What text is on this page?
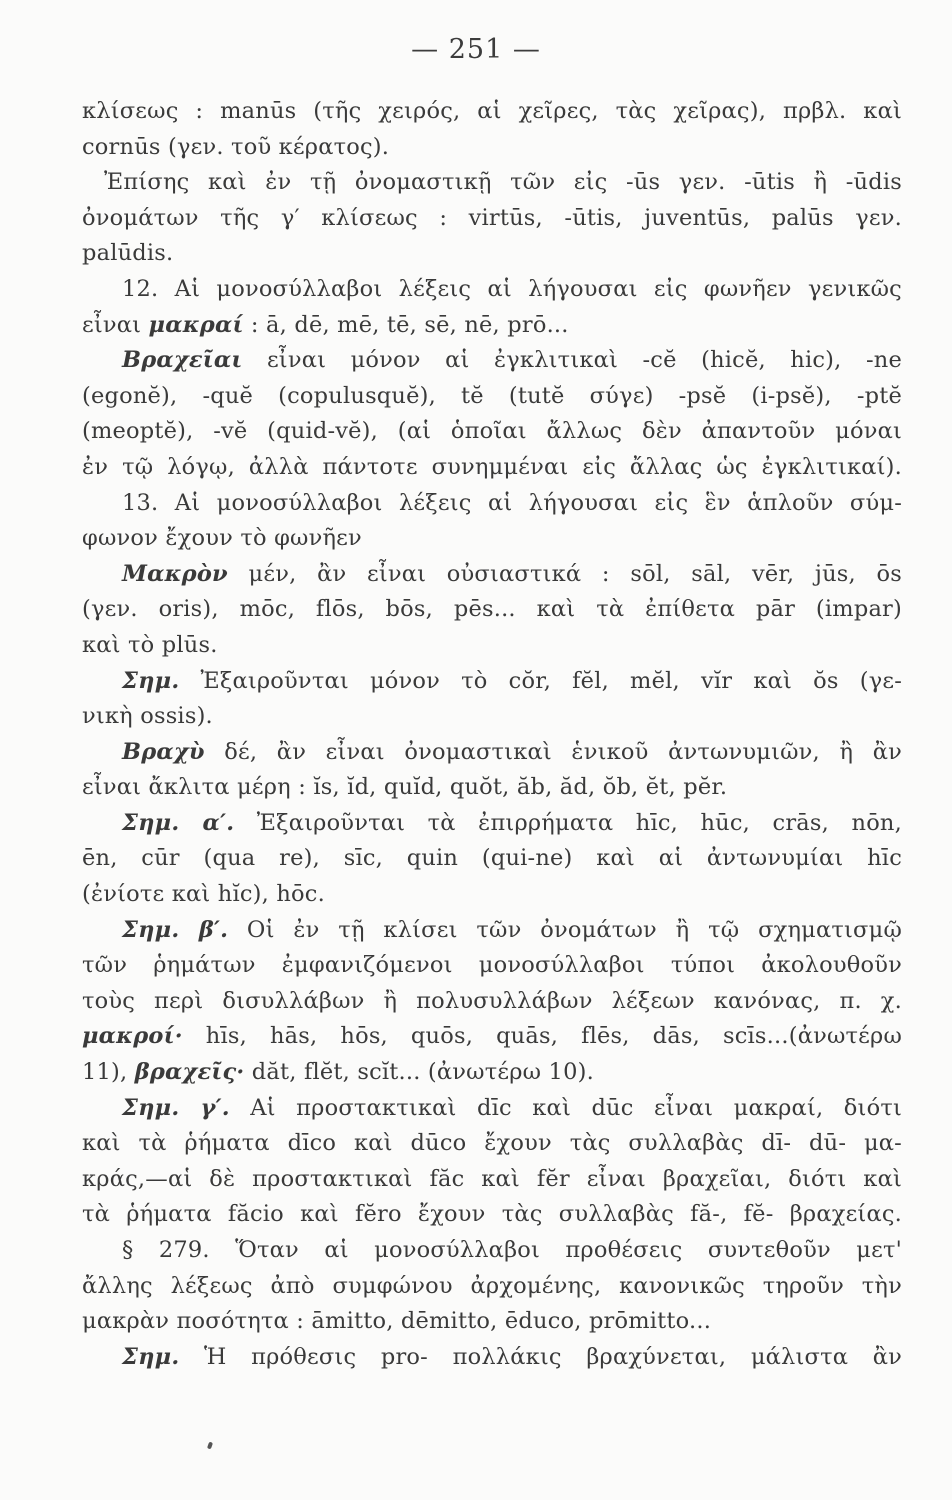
— 251 —
κλίσεως : manūs (τῆς χειρός, αἱ χεῖρες, τὰς χεῖρας), πρβλ. καὶ
cornūs (γεν. τοῦ κέρατος).
Ἐπίσης καὶ ἐν τῇ ὀνομαστικῇ τῶν εἰς -ūs γεν. -ūtis ἢ -ūdis
ὀνομάτων τῆς γ′ κλίσεως : virtūs, -ūtis, juventūs, palūs γεν.
palūdis.
12. Αἱ μονοσύλλαβοι λέξεις αἱ λήγουσαι εἰς φωνῆεν γενικῶς
εἶναι μακραί : ā, dē, mē, tē, sē, nē, prō...
Βραχεῖαι εἶναι μόνον αἱ ἐγκλιτικαὶ -cĕ (hicĕ, hic), -ne
(egonĕ), -quĕ (copulusquĕ), tĕ (tutĕ σύγε) -psĕ (i-psĕ), -ptĕ
(meoptĕ), -vĕ (quid-vĕ), (αἱ ὁποῖαι ἄλλως δὲν ἀπαντοῦν μόναι
ἐν τῷ λόγῳ, ἀλλὰ πάντοτε συνημμέναι εἰς ἄλλας ὡς ἐγκλιτικαί).
13. Αἱ μονοσύλλαβοι λέξεις αἱ λήγουσαι εἰς ἓν ἁπλοῦν σύμ-
φωνον ἔχουν τὸ φωνῆεν
Μακρὸν μέν, ἂν εἶναι οὐσιαστικά : sōl, sāl, vēr, jūs, ōs
(γεν. oris), mōc, flōs, bōs, pēs... καὶ τὰ ἐπίθετα pār (impar)
καὶ τὸ plūs.
Σημ. Ἐξαιροῦνται μόνον τὸ cŏr, fĕl, mĕl, vĭr καὶ ŏs (γε-
νικὴ ossis).
Βραχὺ δέ, ἂν εἶναι ὀνομαστικαὶ ἑνικοῦ ἀντωνυμιῶν, ἢ ἂν
εἶναι ἄκλιτα μέρη : ĭs, ĭd, quĭd, quŏt, ăb, ăd, ŏb, ĕt, pĕr.
Σημ. α′. Ἐξαιροῦνται τὰ ἐπιρρήματα hīc, hūc, crās, nōn,
ēn, cūr (qua re), sīc, quin (qui-ne) καὶ αἱ ἀντωνυμίαι hīc
(ἐνίοτε καὶ hĭc), hōc.
Σημ. β′. Οἱ ἐν τῇ κλίσει τῶν ὀνομάτων ἢ τῷ σχηματισμῷ
τῶν ῥημάτων ἐμφανιζόμενοι μονοσύλλαβοι τύποι ἀκολουθοῦν
τοὺς περὶ δισυλλάβων ἢ πολυσυλλάβων λέξεων κανόνας, π. χ.
μακροί· hīs, hās, hōs, quōs, quās, flēs, dās, scīs...(ἀνωτέρω
11), βραχεῖς· dăt, flĕt, scĭt... (ἀνωτέρω 10).
Σημ. γ′. Αἱ προστακτικαὶ dīc καὶ dūc εἶναι μακραί, διότι
καὶ τὰ ῥήματα dīco καὶ dūco ἔχουν τὰς συλλαβὰς dī- dū- μα-
κράς,—αἱ δὲ προστακτικαὶ făc καὶ fĕr εἶναι βραχεῖαι, διότι καὶ
τὰ ῥήματα făcio καὶ fĕro ἔχουν τὰς συλλαβὰς fă-, fĕ- βραχείας.
§ 279. Ὅταν αἱ μονοσύλλαβοι προθέσεις συντεθοῦν μετ'
ἄλλης λέξεως ἀπὸ συμφώνου ἀρχομένης, κανονικῶς τηροῦν τὴν
μακρὰν ποσότητα : āmitto, dēmitto, ēduco, prōmitto...
Σημ. Ἡ πρόθεσις pro- πολλάκις βραχύνεται, μάλιστα ἂν
